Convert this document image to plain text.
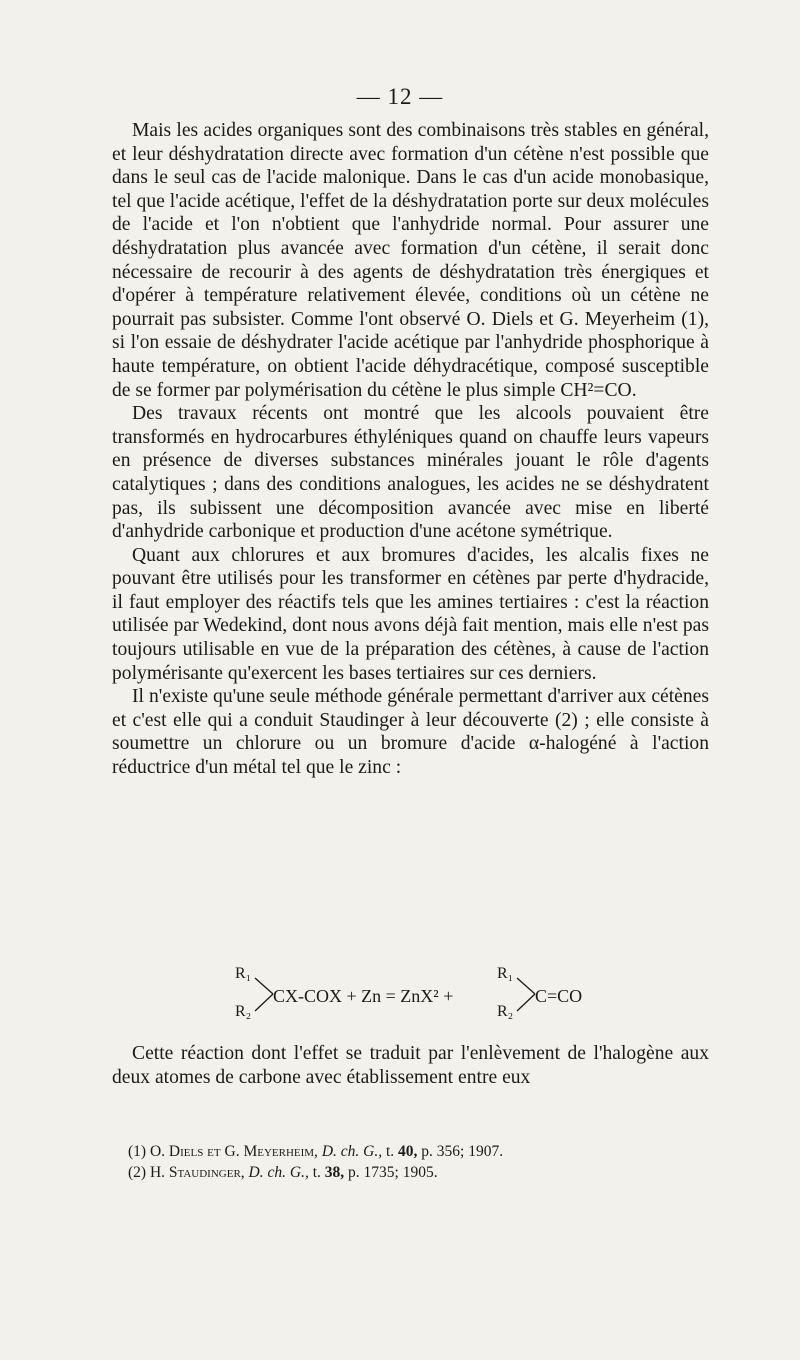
— 12 —

Mais les acides organiques sont des combinaisons très stables en général, et leur déshydratation directe avec formation d'un cétène n'est possible que dans le seul cas de l'acide malonique. Dans le cas d'un acide monobasique, tel que l'acide acétique, l'effet de la déshydratation porte sur deux molécules de l'acide et l'on n'obtient que l'anhydride normal. Pour assurer une déshydratation plus avancée avec formation d'un cétène, il serait donc nécessaire de recourir à des agents de déshydratation très énergiques et d'opérer à température relativement élevée, conditions où un cétène ne pourrait pas subsister. Comme l'ont observé O. Diels et G. Meyerheim (1), si l'on essaie de déshydrater l'acide acétique par l'anhydride phosphorique à haute température, on obtient l'acide déhydracétique, composé susceptible de se former par polymérisation du cétène le plus simple CH²=CO.

Des travaux récents ont montré que les alcools pouvaient être transformés en hydrocarbures éthyléniques quand on chauffe leurs vapeurs en présence de diverses substances minérales jouant le rôle d'agents catalytiques ; dans des conditions analogues, les acides ne se déshydratent pas, ils subissent une décomposition avancée avec mise en liberté d'anhydride carbonique et production d'une acétone symétrique.

Quant aux chlorures et aux bromures d'acides, les alcalis fixes ne pouvant être utilisés pour les transformer en cétènes par perte d'hydracide, il faut employer des réactifs tels que les amines tertiaires : c'est la réaction utilisée par Wedekind, dont nous avons déjà fait mention, mais elle n'est pas toujours utilisable en vue de la préparation des cétènes, à cause de l'action polymérisante qu'exercent les bases tertiaires sur ces derniers.

Il n'existe qu'une seule méthode générale permettant d'arriver aux cétènes et c'est elle qui a conduit Staudinger à leur découverte (2) ; elle consiste à soumettre un chlorure ou un bromure d'acide α-halogéné à l'action réductrice d'un métal tel que le zinc :

R₁
R₂
CX-COX + Zn = ZnX² +
R₁
R₂
C=CO

Cette réaction dont l'effet se traduit par l'enlèvement de l'halogène aux deux atomes de carbone avec établissement entre eux

(1) O. Diels et G. Meyerheim, D. ch. G., t. 40, p. 356; 1907.
(2) H. Staudinger, D. ch. G., t. 38, p. 1735; 1905.
